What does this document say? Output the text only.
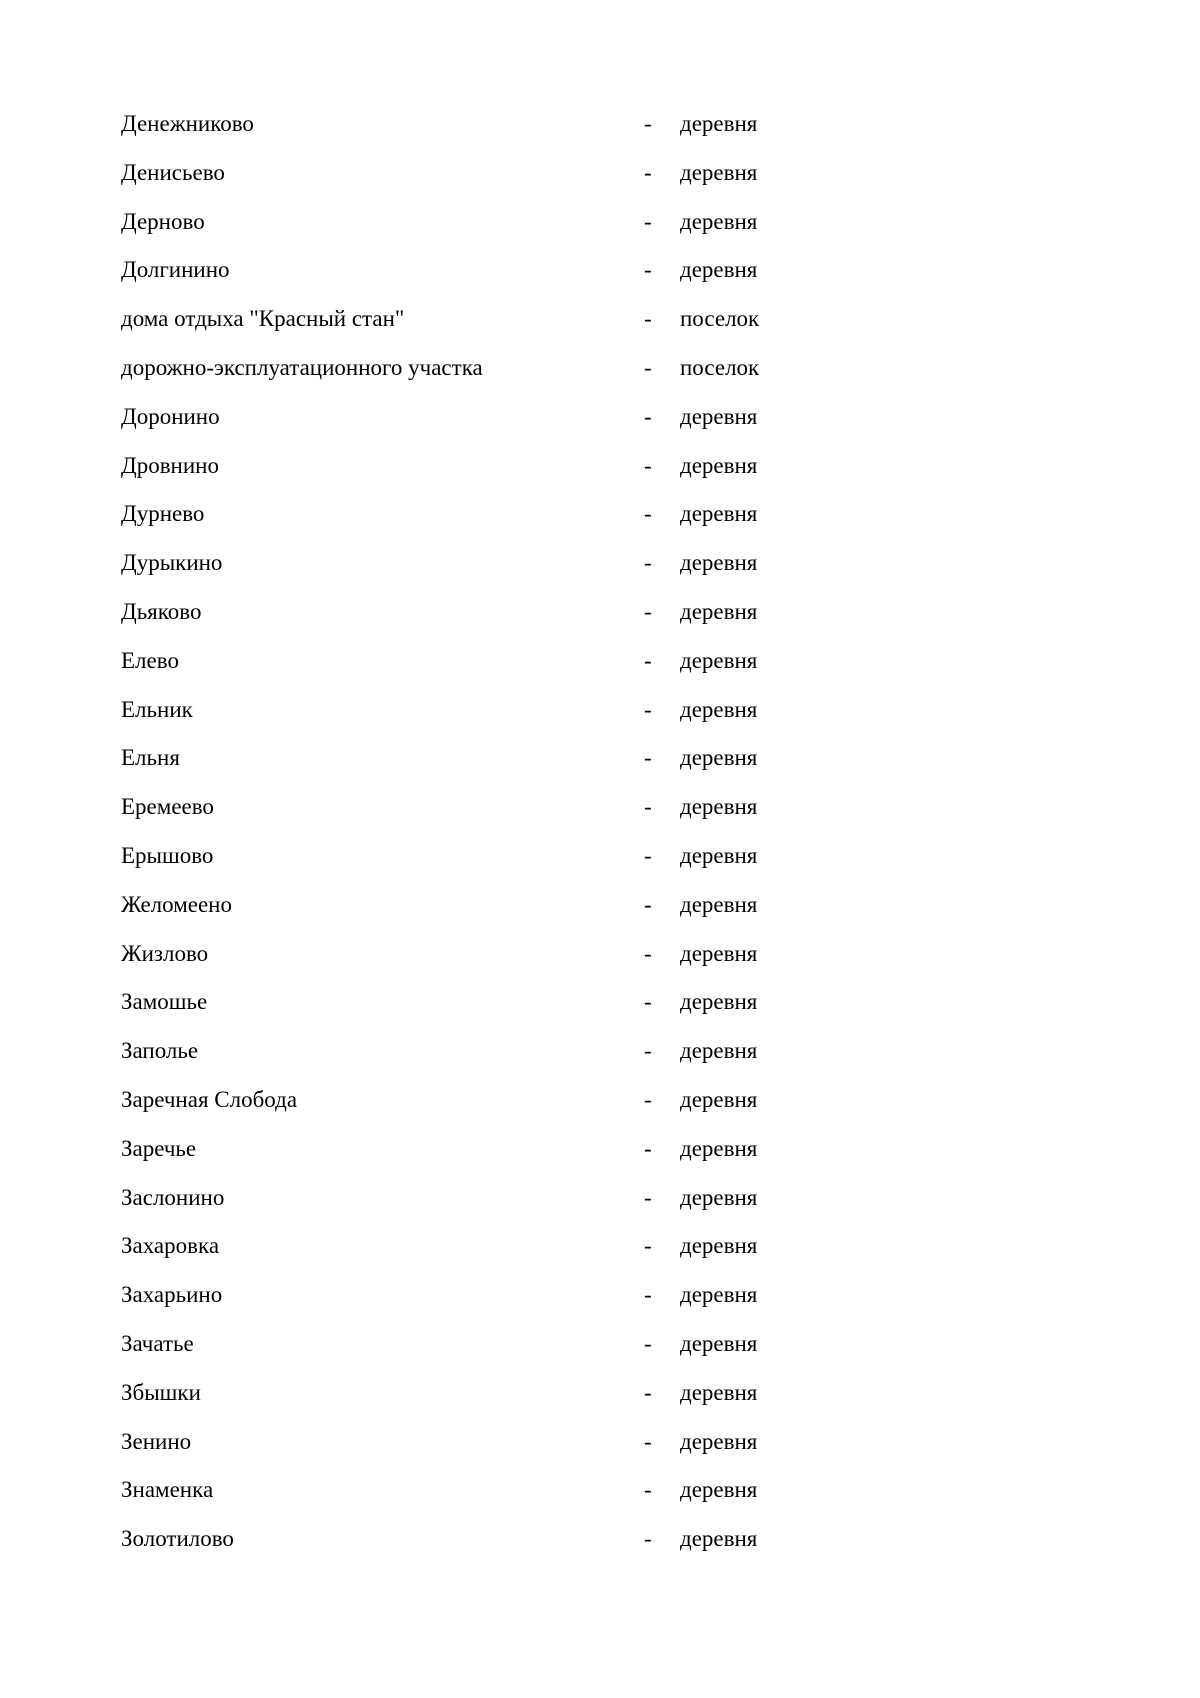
Денежниково	- деревня
Денисьево	- деревня
Дерново	- деревня
Долгинино	- деревня
дома отдыха "Красный стан"	- поселок
дорожно-эксплуатационного участка	- поселок
Доронино	- деревня
Дровнино	- деревня
Дурнево	- деревня
Дурыкино	- деревня
Дьяково	- деревня
Елево	- деревня
Ельник	- деревня
Ельня	- деревня
Еремеево	- деревня
Ерышово	- деревня
Желомеено	- деревня
Жизлово	- деревня
Замошье	- деревня
Заполье	- деревня
Заречная Слобода	- деревня
Заречье	- деревня
Заслонино	- деревня
Захаровка	- деревня
Захарьино	- деревня
Зачатье	- деревня
Збышки	- деревня
Зенино	- деревня
Знаменка	- деревня
Золотилово	- деревня
